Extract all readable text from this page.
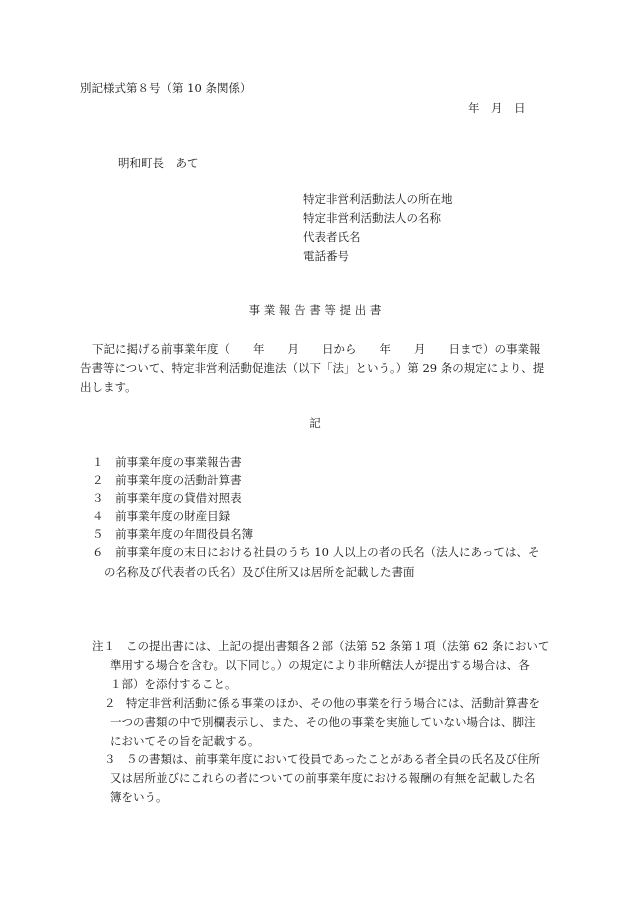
別記様式第８号（第 10 条関係）
年　月　日
明和町長　あて
特定非営利活動法人の所在地
特定非営利活動法人の名称
代表者氏名
電話番号
事 業 報 告 書 等 提 出 書
下記に掲げる前事業年度（　　年　　月　　日から　　年　　月　　日まで）の事業報
告書等について、特定非営利活動促進法（以下「法」という。）第 29 条の規定により、提
出します。
記
１ 前事業年度の事業報告書
２ 前事業年度の活動計算書
３ 前事業年度の貸借対照表
４ 前事業年度の財産目録
５ 前事業年度の年間役員名簿
６ 前事業年度の末日における社員のうち 10 人以上の者の氏名（法人にあっては、そ
の名称及び代表者の氏名）及び住所又は居所を記載した書面
注１ この提出書には、上記の提出書類各２部（法第 52 条第１項（法第 62 条において
準用する場合を含む。以下同じ。）の規定により非所轄法人が提出する場合は、各
１部）を添付すること。
２ 特定非営利活動に係る事業のほか、その他の事業を行う場合には、活動計算書を
一つの書類の中で別欄表示し、また、その他の事業を実施していない場合は、脚注
においてその旨を記載する。
３ ５の書類は、前事業年度において役員であったことがある者全員の氏名及び住所
又は居所並びにこれらの者についての前事業年度における報酬の有無を記載した名
簿をいう。
